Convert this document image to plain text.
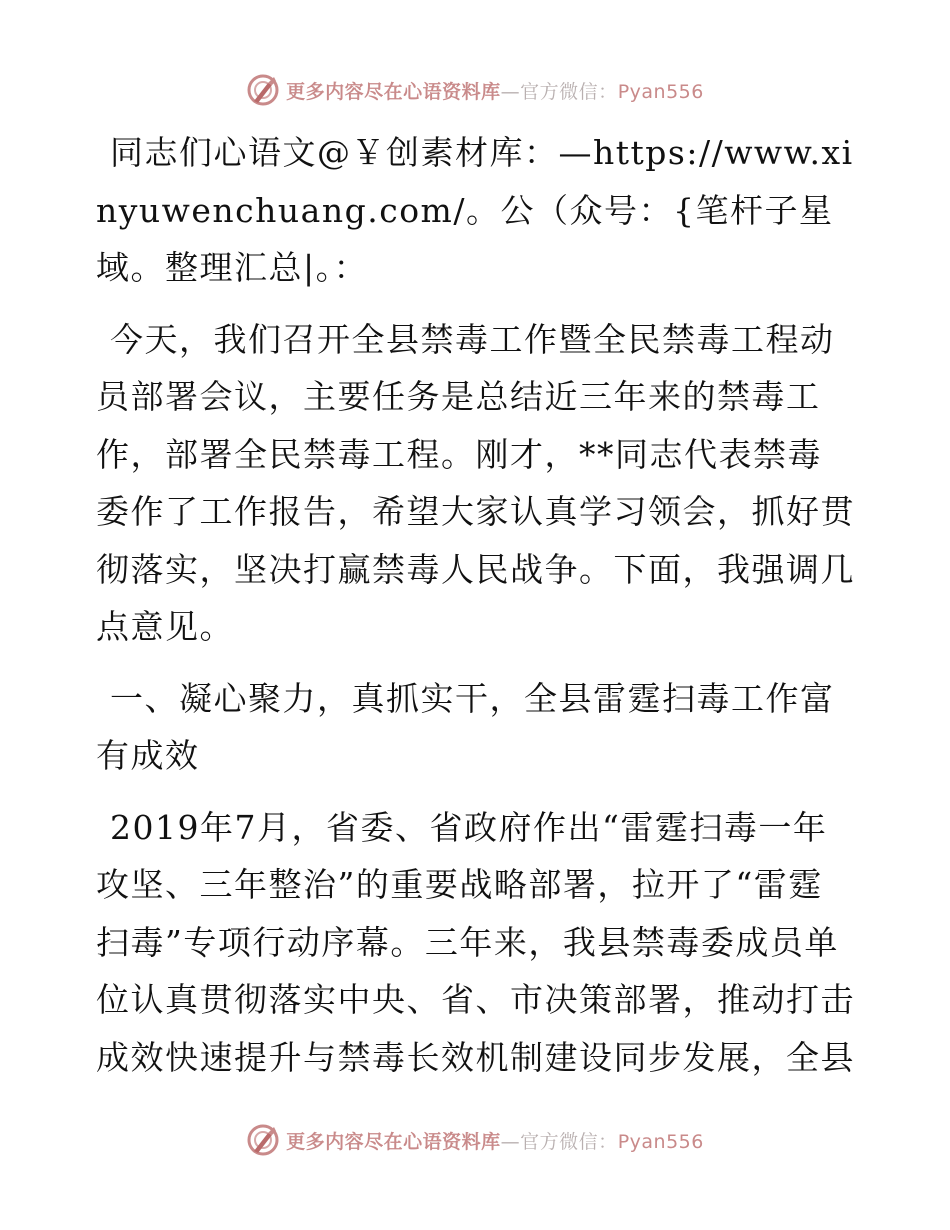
更多内容尽在心语资料库—官方微信：Pyan556

同志们心语文@￥创素材库：—https://www.xinyuwenchuang.com/。公（众号：{笔杆子星域。整理汇总|。：

今天，我们召开全县禁毒工作暨全民禁毒工程动员部署会议，主要任务是总结近三年来的禁毒工作，部署全民禁毒工程。刚才，**同志代表禁毒委作了工作报告，希望大家认真学习领会，抓好贯彻落实，坚决打赢禁毒人民战争。下面，我强调几点意见。

一、凝心聚力，真抓实干，全县雷霆扫毒工作富有成效

2019年7月，省委、省政府作出“雷霆扫毒一年攻坚、三年整治”的重要战略部署，拉开了“雷霆扫毒”专项行动序幕。三年来，我县禁毒委成员单位认真贯彻落实中央、省、市决策部署，推动打击成效快速提升与禁毒长效机制建设同步发展，全县

更多内容尽在心语资料库—官方微信：Pyan556
